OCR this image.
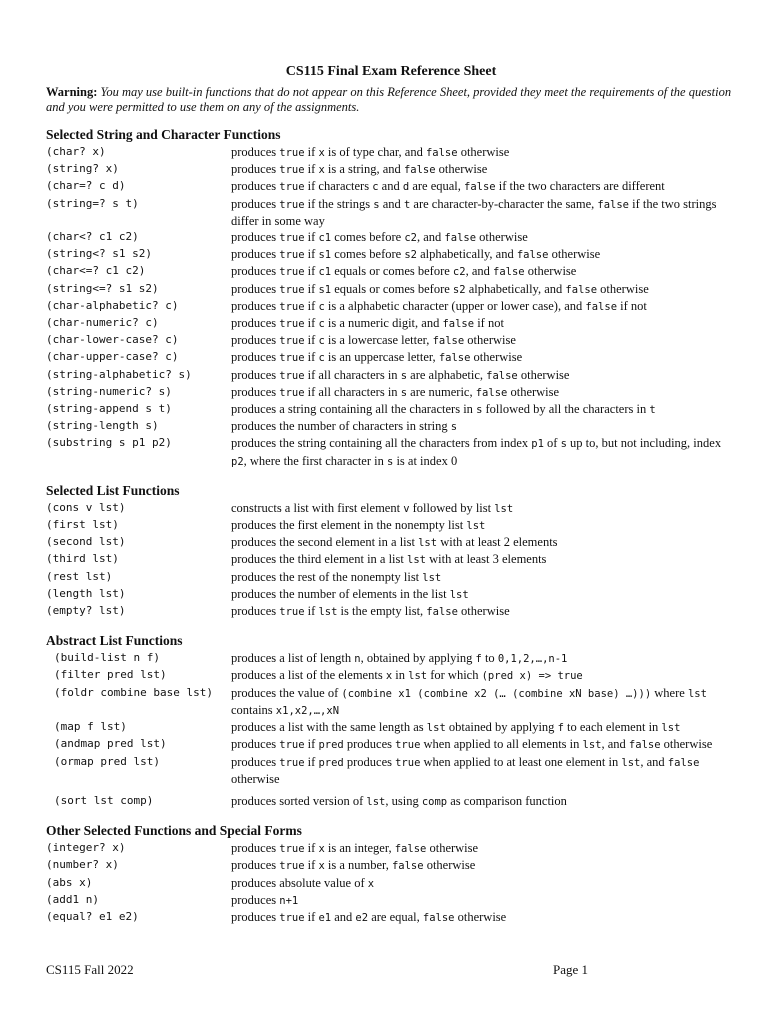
CS115 Final Exam Reference Sheet
Warning: You may use built-in functions that do not appear on this Reference Sheet, provided they meet the requirements of the question and you were permitted to use them on any of the assignments.
Selected String and Character Functions
(char? x)	produces true if x is of type char, and false otherwise
(string? x)	produces true if x is a string, and false otherwise
(char=? c d)	produces true if characters c and d are equal, false if the two characters are different
(string=? s t)	produces true if the strings s and t are character-by-character the same, false if the two strings differ in some way
(char<? c1 c2)	produces true if c1 comes before c2, and false otherwise
(string<? s1 s2)	produces true if s1 comes before s2 alphabetically, and false otherwise
(char<=? c1 c2)	produces true if c1 equals or comes before c2, and false otherwise
(string<=? s1 s2)	produces true if s1 equals or comes before s2 alphabetically, and false otherwise
(char-alphabetic? c)	produces true if c is a alphabetic character (upper or lower case), and false if not
(char-numeric? c)	produces true if c is a numeric digit, and false if not
(char-lower-case? c)	produces true if c is a lowercase letter, false otherwise
(char-upper-case? c)	produces true if c is an uppercase letter, false otherwise
(string-alphabetic? s)	produces true if all characters in s are alphabetic, false otherwise
(string-numeric? s)	produces true if all characters in s are numeric, false otherwise
(string-append s t)	produces a string containing all the characters in s followed by all the characters in t
(string-length s)	produces the number of characters in string s
(substring s p1 p2)	produces the string containing all the characters from index p1 of s up to, but not including, index p2, where the first character in s is at index 0
Selected List Functions
(cons v lst)	constructs a list with first element v followed by list lst
(first lst)	produces the first element in the nonempty list lst
(second lst)	produces the second element in a list lst with at least 2 elements
(third lst)	produces the third element in a list lst with at least 3 elements
(rest lst)	produces the rest of the nonempty list lst
(length lst)	produces the number of elements in the list lst
(empty? lst)	produces true if lst is the empty list, false otherwise
Abstract List Functions
(build-list n f)	produces a list of length n, obtained by applying f to 0,1,2,…,n-1
(filter pred lst)	produces a list of the elements x in lst for which (pred x) => true
(foldr combine base lst)	produces the value of (combine x1 (combine x2 (… (combine xN base) …))) where lst contains x1,x2,…,xN
(map f lst)	produces a list with the same length as lst obtained by applying f to each element in lst
(andmap pred lst)	produces true if pred produces true when applied to all elements in lst, and false otherwise
(ormap pred lst)	produces true if pred produces true when applied to at least one element in lst, and false otherwise
(sort lst comp)	produces sorted version of lst, using comp as comparison function
Other Selected Functions and Special Forms
(integer? x)	produces true if x is an integer, false otherwise
(number? x)	produces true if x is a number, false otherwise
(abs x)	produces absolute value of x
(add1 n)	produces n+1
(equal? e1 e2)	produces true if e1 and e2 are equal, false otherwise
CS115 Fall 2022	Page 1
